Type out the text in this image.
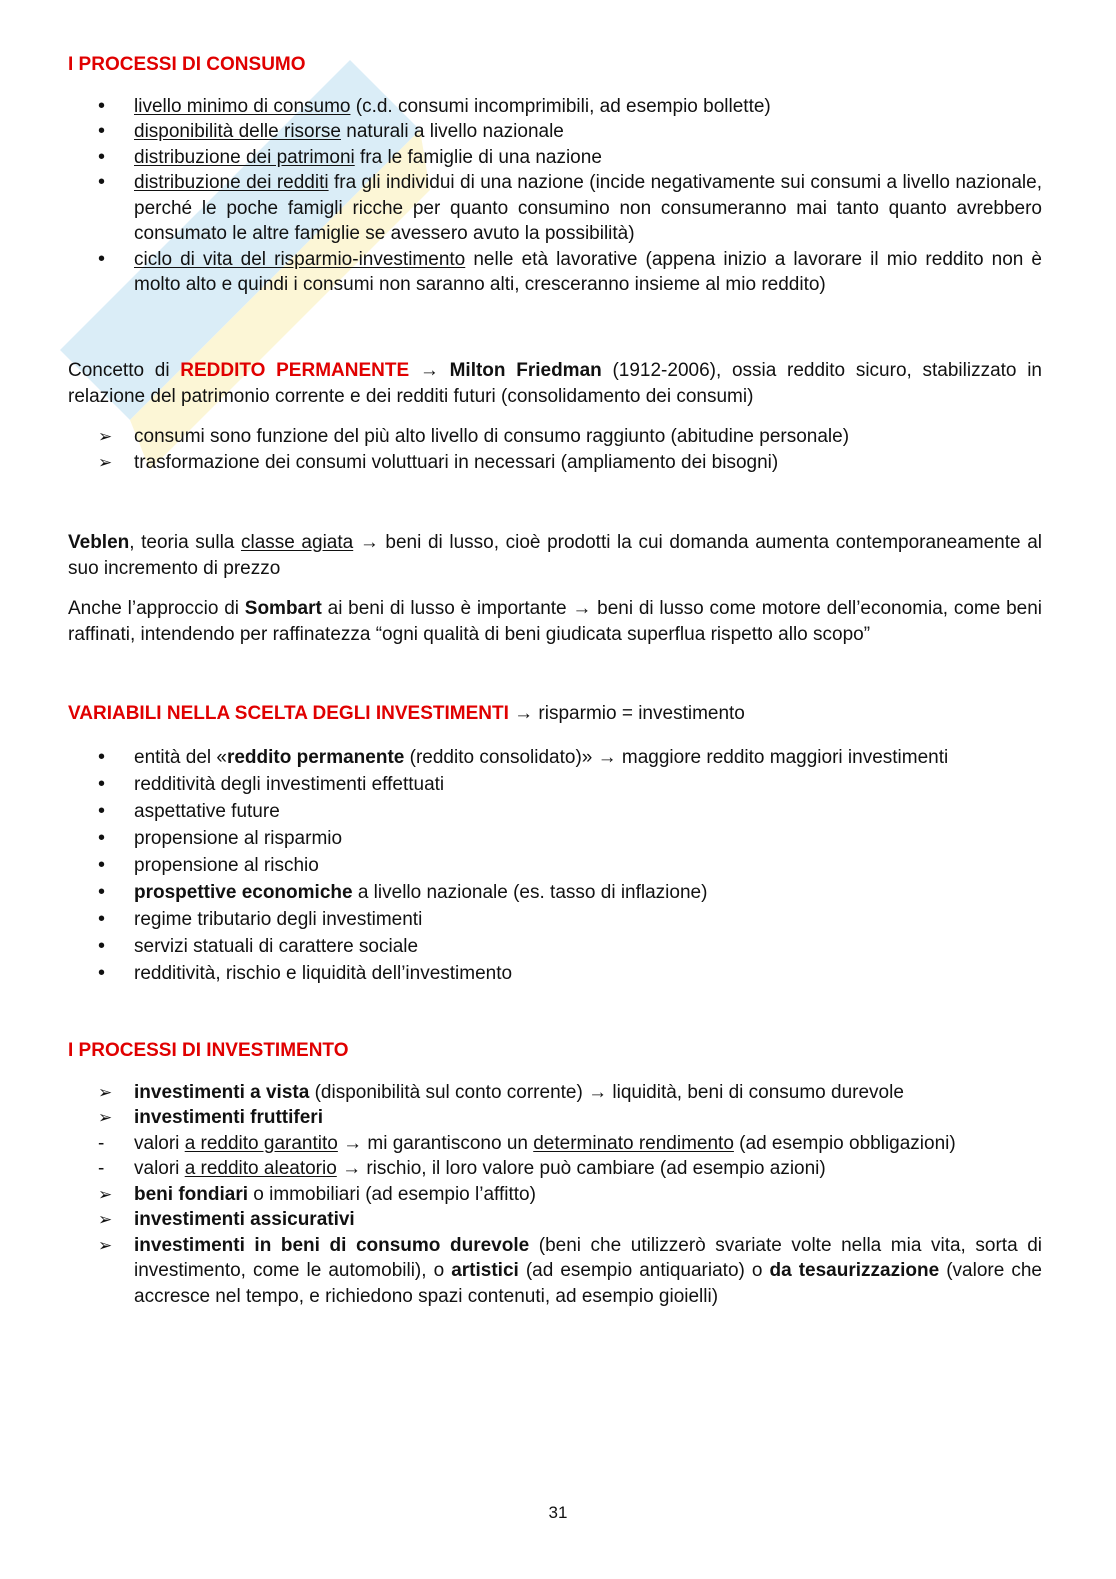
I PROCESSI DI CONSUMO

•
livello minimo di consumo (c.d. consumi incomprimibili, ad esempio bollette)
•
disponibilità delle risorse naturali a livello nazionale
•
distribuzione dei patrimoni fra le famiglie di una nazione
•
distribuzione dei redditi fra gli individui di una nazione (incide negativamente sui consumi a livello nazionale, perché le poche famigli ricche per quanto consumino non consumeranno mai tanto quanto avrebbero consumato le altre famiglie se avessero avuto la possibilità)
•
ciclo di vita del risparmio-investimento nelle età lavorative (appena inizio a lavorare il mio reddito non è molto alto e quindi i consumi non saranno alti, cresceranno insieme al mio reddito)

Concetto di REDDITO PERMANENTE → Milton Friedman (1912-2006), ossia reddito sicuro, stabilizzato in relazione del patrimonio corrente e dei redditi futuri (consolidamento dei consumi)

➢
consumi sono funzione del più alto livello di consumo raggiunto (abitudine personale)
➢
trasformazione dei consumi voluttuari in necessari (ampliamento dei bisogni)

Veblen, teoria sulla classe agiata → beni di lusso, cioè prodotti la cui domanda aumenta contemporaneamente al suo incremento di prezzo

Anche l’approccio di Sombart ai beni di lusso è importante → beni di lusso come motore dell’economia, come beni raffinati, intendendo per raffinatezza “ogni qualità di beni giudicata superflua rispetto allo scopo”

VARIABILI NELLA SCELTA DEGLI INVESTIMENTI → risparmio = investimento

•
entità del «reddito permanente (reddito consolidato)» → maggiore reddito maggiori investimenti
•
redditività degli investimenti effettuati
•
aspettative future
•
propensione al risparmio
•
propensione al rischio
•
prospettive economiche a livello nazionale (es. tasso di inflazione)
•
regime tributario degli investimenti
•
servizi statuali di carattere sociale
•
redditività, rischio e liquidità dell’investimento

I PROCESSI DI INVESTIMENTO

➢
investimenti a vista (disponibilità sul conto corrente) → liquidità, beni di consumo durevole
➢
investimenti fruttiferi
-
valori a reddito garantito → mi garantiscono un determinato rendimento (ad esempio obbligazioni)
-
valori a reddito aleatorio → rischio, il loro valore può cambiare (ad esempio azioni)
➢
beni fondiari o immobiliari (ad esempio l’affitto)
➢
investimenti assicurativi
➢
investimenti in beni di consumo durevole (beni che utilizzerò svariate volte nella mia vita, sorta di investimento, come le automobili), o artistici (ad esempio antiquariato) o da tesaurizzazione (valore che accresce nel tempo, e richiedono spazi contenuti, ad esempio gioielli)
31
